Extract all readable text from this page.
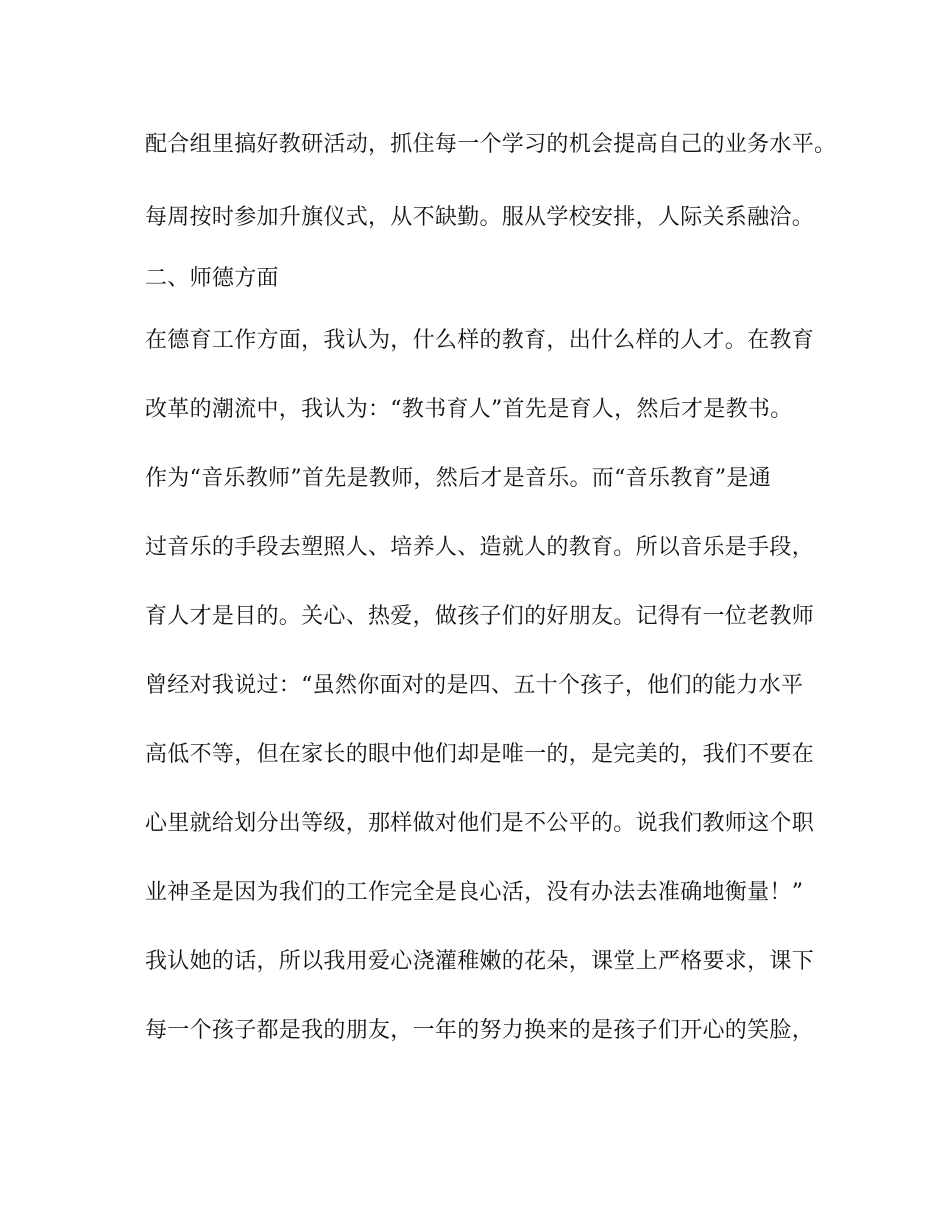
配合组里搞好教研活动，抓住每一个学习的机会提高自己的业务水平。
每周按时参加升旗仪式，从不缺勤。服从学校安排，人际关系融洽。
二、师德方面
在德育工作方面，我认为，什么样的教育，出什么样的人才。在教育
改革的潮流中，我认为：“教书育人”首先是育人，然后才是教书。
作为“音乐教师”首先是教师，然后才是音乐。而“音乐教育”是通
过音乐的手段去塑照人、培养人、造就人的教育。所以音乐是手段，
育人才是目的。关心、热爱，做孩子们的好朋友。记得有一位老教师
曾经对我说过：“虽然你面对的是四、五十个孩子，他们的能力水平
高低不等，但在家长的眼中他们却是唯一的，是完美的，我们不要在
心里就给划分出等级，那样做对他们是不公平的。说我们教师这个职
业神圣是因为我们的工作完全是良心活，没有办法去准确地衡量！”
我认她的话，所以我用爱心浇灌稚嫩的花朵，课堂上严格要求，课下
每一个孩子都是我的朋友，一年的努力换来的是孩子们开心的笑脸，
